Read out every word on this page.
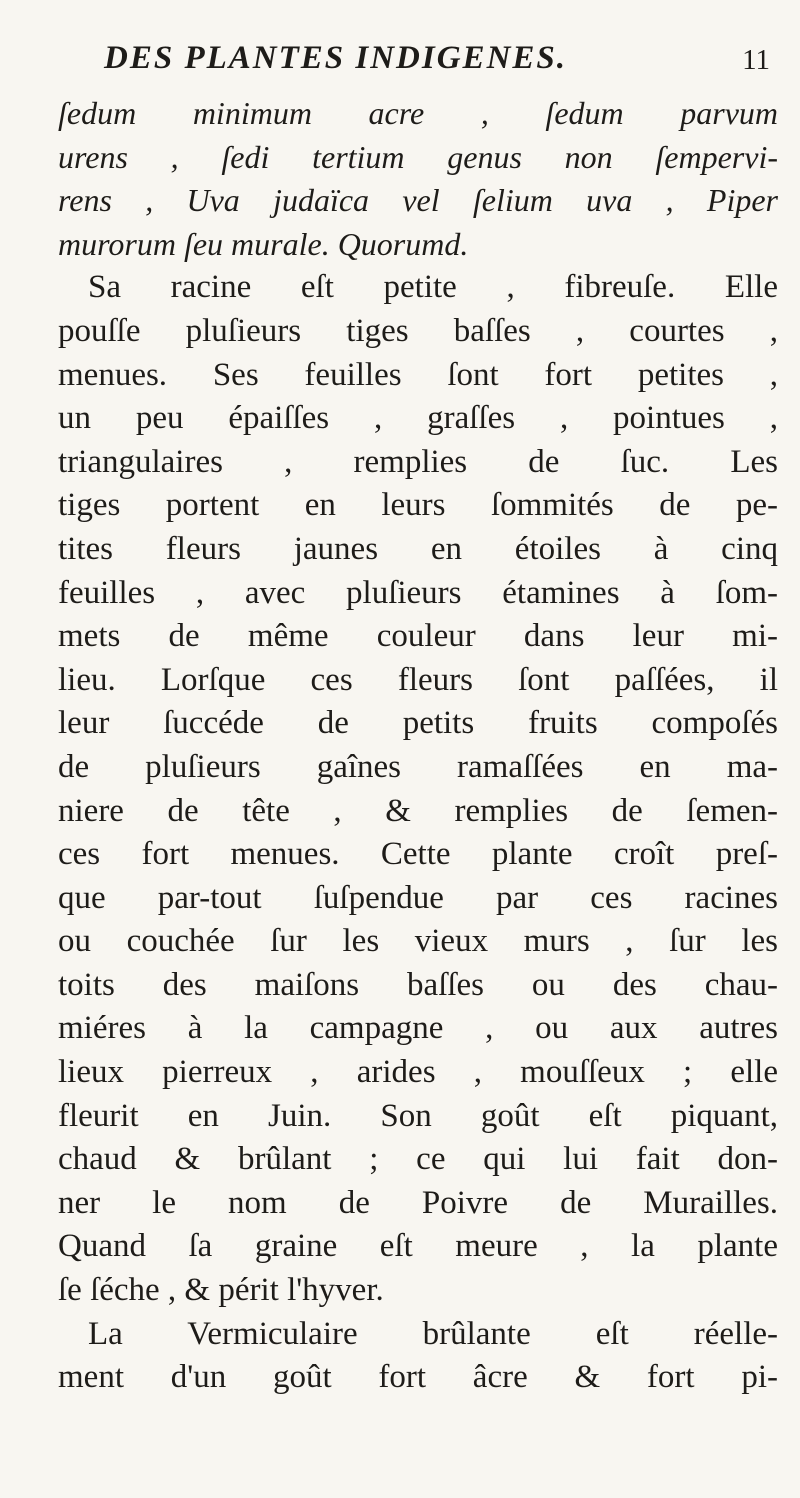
DES PLANTES INDIGENES.	11
ſedum minimum acre , ſedum parvum
urens , ſedi tertium genus non ſempervi-
rens , Uva judaïca vel ſelium uva , Piper
murorum ſeu murale. Quorumd.
Sa racine eſt petite , fibreuſe. Elle
pouſſe pluſieurs tiges baſſes , courtes ,
menues. Ses feuilles ſont fort petites ,
un peu épaiſſes , graſſes , pointues ,
triangulaires , remplies de ſuc. Les
tiges portent en leurs ſommités de pe-
tites fleurs jaunes en étoiles à cinq
feuilles , avec pluſieurs étamines à ſom-
mets de même couleur dans leur mi-
lieu. Lorſque ces fleurs ſont paſſées, il
leur ſuccéde de petits fruits compoſés
de pluſieurs gaînes ramaſſées en ma-
niere de tête , & remplies de ſemen-
ces fort menues. Cette plante croît preſ-
que par-tout ſuſpendue par ces racines
ou couchée ſur les vieux murs , ſur les
toits des maiſons baſſes ou des chau-
miéres à la campagne , ou aux autres
lieux pierreux , arides , mouſſeux ; elle
fleurit en Juin. Son goût eſt piquant,
chaud & brûlant ; ce qui lui fait don-
ner le nom de Poivre de Murailles.
Quand ſa graine eſt meure , la plante
ſe ſéche , & périt l'hyver.
La Vermiculaire brûlante eſt réelle-
ment d'un goût fort âcre & fort pi-
